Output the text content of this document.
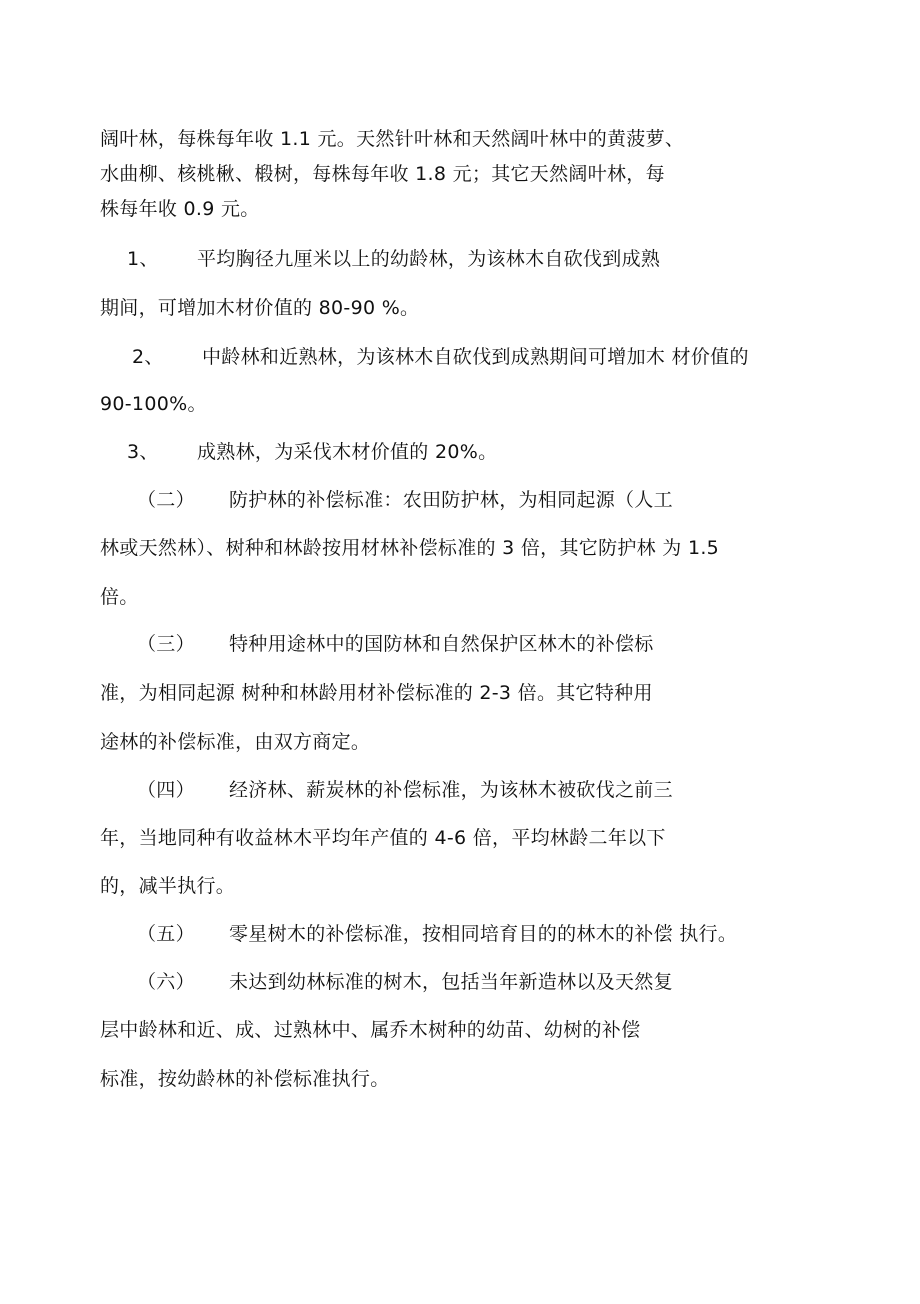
阔叶林，每株每年收 1.1 元。天然针叶林和天然阔叶林中的黄菠萝、
水曲柳、核桃楸、椴树，每株每年收 1.8 元；其它天然阔叶林，每
株每年收 0.9 元。
1、 平均胸径九厘米以上的幼龄林，为该林木自砍伐到成熟
期间，可增加木材价值的 80-90 %。
2、 中龄林和近熟林，为该林木自砍伐到成熟期间可增加木 材价值的
90-100%。
3、 成熟林，为采伐木材价值的 20%。
（二） 防护林的补偿标准：农田防护林，为相同起源（人工
林或天然林）、树种和林龄按用材林补偿标准的 3 倍，其它防护林 为 1.5
倍。
（三） 特种用途林中的国防林和自然保护区林木的补偿标
准，为相同起源 树种和林龄用材补偿标准的 2-3 倍。其它特种用
途林的补偿标准，由双方商定。
（四） 经济林、薪炭林的补偿标准，为该林木被砍伐之前三
年，当地同种有收益林木平均年产值的 4-6 倍，平均林龄二年以下
的，减半执行。
（五） 零星树木的补偿标准，按相同培育目的的林木的补偿 执行。
（六） 未达到幼林标准的树木，包括当年新造林以及天然复
层中龄林和近、成、过熟林中、属乔木树种的幼苗、幼树的补偿
标准，按幼龄林的补偿标准执行。
